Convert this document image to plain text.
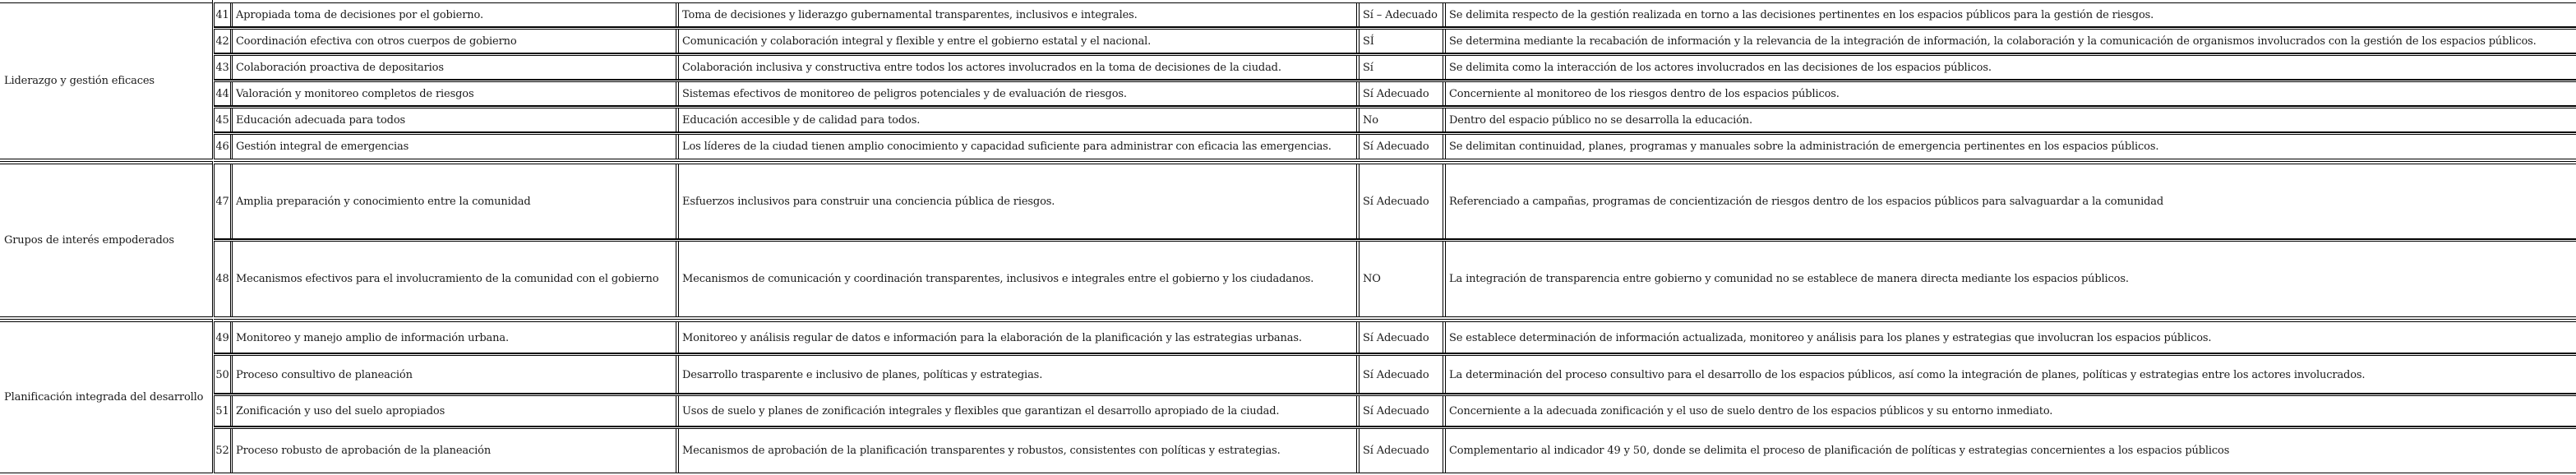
Liderazgo y gestión eficaces
41 Apropiada toma de decisiones por el gobierno.	Toma de decisiones y liderazgo gubernamental transparentes, inclusivos e integrales.	Sí – Adecuado	Se delimita respecto de la gestión realizada en torno a las decisiones pertinentes en los espacios públicos para la gestión de riesgos.
42 Coordinación efectiva con otros cuerpos de gobierno	Comunicación y colaboración integral y flexible y entre el gobierno estatal y el nacional.	SÍ	Se determina mediante la recabación de información y la relevancia de la integración de información, la colaboración y la comunicación de organismos involucrados con la gestión de los espacios públicos.
43 Colaboración proactiva de depositarios	Colaboración inclusiva y constructiva entre todos los actores involucrados en la toma de decisiones de la ciudad.	Sí	Se delimita como la interacción de los actores involucrados en las decisiones de los espacios públicos.
44 Valoración y monitoreo completos de riesgos	Sistemas efectivos de monitoreo de peligros potenciales y de evaluación de riesgos.	Sí Adecuado	Concerniente al monitoreo de los riesgos dentro de los espacios públicos.
45 Educación adecuada para todos	Educación accesible y de calidad para todos.	No	Dentro del espacio público no se desarrolla la educación.
46 Gestión integral de emergencias	Los líderes de la ciudad tienen amplio conocimiento y capacidad suficiente para administrar con eficacia las emergencias.	Sí Adecuado	Se delimitan continuidad, planes, programas y manuales sobre la administración de emergencia pertinentes en los espacios públicos.
Grupos de interés empoderados
47 Amplia preparación y conocimiento entre la comunidad	Esfuerzos inclusivos para construir una conciencia pública de riesgos.	Sí Adecuado	Referenciado a campañas, programas de concientización de riesgos dentro de los espacios públicos para salvaguardar a la comunidad
48 Mecanismos efectivos para el involucramiento de la comunidad con el gobierno	Mecanismos de comunicación y coordinación transparentes, inclusivos e integrales entre el gobierno y los ciudadanos.	NO	La integración de transparencia entre gobierno y comunidad no se establece de manera directa mediante los espacios públicos.
Planificación integrada del desarrollo
49 Monitoreo y manejo amplio de información urbana.	Monitoreo y análisis regular de datos e información para la elaboración de la planificación y las estrategias urbanas.	Sí Adecuado	Se establece determinación de información actualizada, monitoreo y análisis para los planes y estrategias que involucran los espacios públicos.
50 Proceso consultivo de planeación	Desarrollo trasparente e inclusivo de planes, políticas y estrategias.	Sí Adecuado	La determinación del proceso consultivo para el desarrollo de los espacios públicos, así como la integración de planes, políticas y estrategias entre los actores involucrados.
51 Zonificación y uso del suelo apropiados	Usos de suelo y planes de zonificación integrales y flexibles que garantizan el desarrollo apropiado de la ciudad.	Sí Adecuado	Concerniente a la adecuada zonificación y el uso de suelo dentro de los espacios públicos y su entorno inmediato.
52 Proceso robusto de aprobación de la planeación	Mecanismos de aprobación de la planificación transparentes y robustos, consistentes con políticas y estrategias.	Sí Adecuado	Complementario al indicador 49 y 50, donde se delimita el proceso de planificación de políticas y estrategias concernientes a los espacios públicos
